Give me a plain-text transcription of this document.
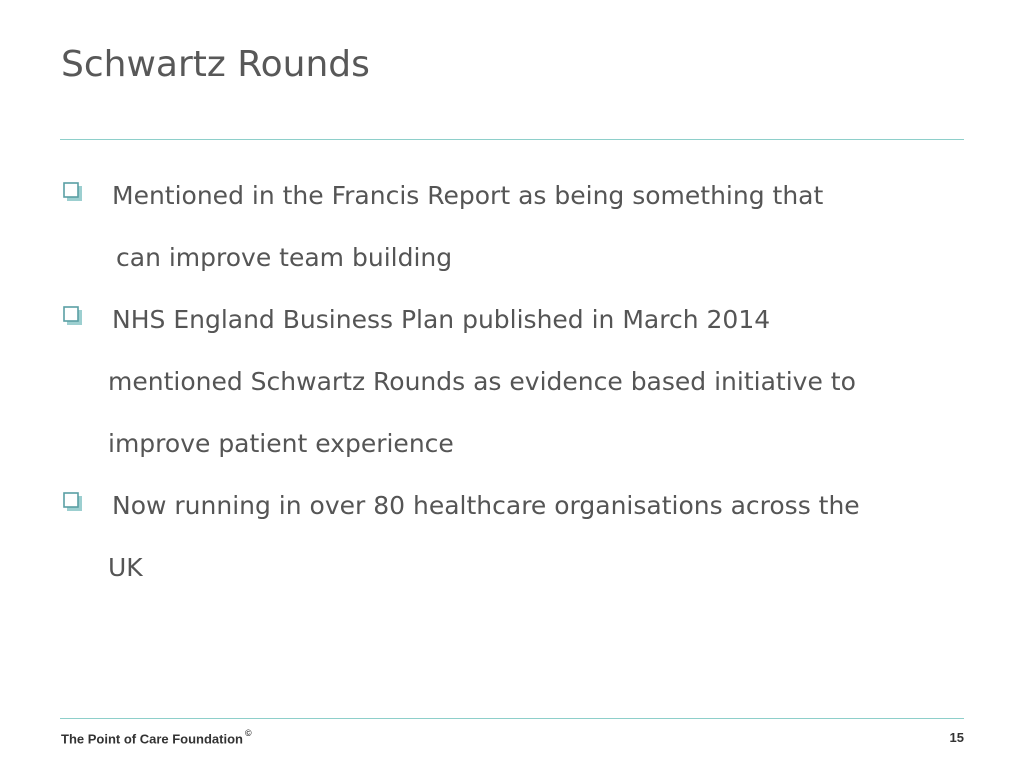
Schwartz Rounds
Mentioned in the Francis Report as being something that
can improve team building
NHS England Business Plan published in March 2014
mentioned Schwartz Rounds as evidence based initiative to
improve patient experience
Now running in over 80 healthcare organisations across the
UK
The Point of Care Foundation ©	15
